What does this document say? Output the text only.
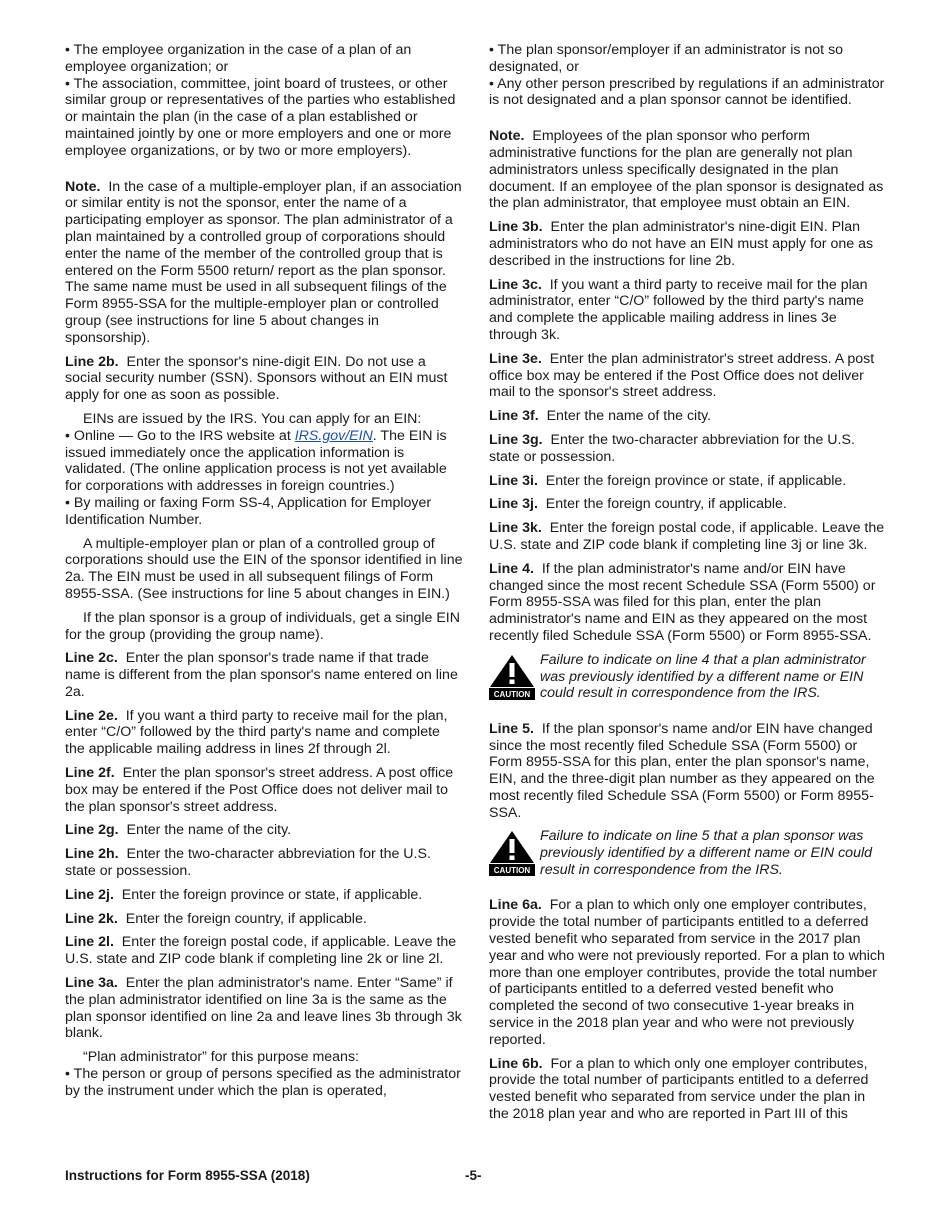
• The employee organization in the case of a plan of an employee organization; or

• The association, committee, joint board of trustees, or other similar group or representatives of the parties who established or maintain the plan (in the case of a plan established or maintained jointly by one or more employers and one or more employee organizations, or by two or more employers).

Note. In the case of a multiple-employer plan, if an association or similar entity is not the sponsor, enter the name of a participating employer as sponsor. The plan administrator of a plan maintained by a controlled group of corporations should enter the name of the member of the controlled group that is entered on the Form 5500 return/ report as the plan sponsor. The same name must be used in all subsequent filings of the Form 8955-SSA for the multiple-employer plan or controlled group (see instructions for line 5 about changes in sponsorship).

Line 2b. Enter the sponsor's nine-digit EIN. Do not use a social security number (SSN). Sponsors without an EIN must apply for one as soon as possible.

EINs are issued by the IRS. You can apply for an EIN:

• Online — Go to the IRS website at IRS.gov/EIN. The EIN is issued immediately once the application information is validated. (The online application process is not yet available for corporations with addresses in foreign countries.)

• By mailing or faxing Form SS-4, Application for Employer Identification Number.

A multiple-employer plan or plan of a controlled group of corporations should use the EIN of the sponsor identified in line 2a. The EIN must be used in all subsequent filings of Form 8955-SSA. (See instructions for line 5 about changes in EIN.)

If the plan sponsor is a group of individuals, get a single EIN for the group (providing the group name).

Line 2c. Enter the plan sponsor's trade name if that trade name is different from the plan sponsor's name entered on line 2a.

Line 2e. If you want a third party to receive mail for the plan, enter “C/O” followed by the third party's name and complete the applicable mailing address in lines 2f through 2l.

Line 2f. Enter the plan sponsor's street address. A post office box may be entered if the Post Office does not deliver mail to the plan sponsor's street address.

Line 2g. Enter the name of the city.

Line 2h. Enter the two-character abbreviation for the U.S. state or possession.

Line 2j. Enter the foreign province or state, if applicable.

Line 2k. Enter the foreign country, if applicable.

Line 2l. Enter the foreign postal code, if applicable. Leave the U.S. state and ZIP code blank if completing line 2k or line 2l.

Line 3a. Enter the plan administrator's name. Enter “Same” if the plan administrator identified on line 3a is the same as the plan sponsor identified on line 2a and leave lines 3b through 3k blank.

“Plan administrator” for this purpose means:

• The person or group of persons specified as the administrator by the instrument under which the plan is operated,

• The plan sponsor/employer if an administrator is not so designated, or

• Any other person prescribed by regulations if an administrator is not designated and a plan sponsor cannot be identified.

Note. Employees of the plan sponsor who perform administrative functions for the plan are generally not plan administrators unless specifically designated in the plan document. If an employee of the plan sponsor is designated as the plan administrator, that employee must obtain an EIN.

Line 3b. Enter the plan administrator's nine-digit EIN. Plan administrators who do not have an EIN must apply for one as described in the instructions for line 2b.

Line 3c. If you want a third party to receive mail for the plan administrator, enter “C/O” followed by the third party's name and complete the applicable mailing address in lines 3e through 3k.

Line 3e. Enter the plan administrator's street address. A post office box may be entered if the Post Office does not deliver mail to the sponsor's street address.

Line 3f. Enter the name of the city.

Line 3g. Enter the two-character abbreviation for the U.S. state or possession.

Line 3i. Enter the foreign province or state, if applicable.

Line 3j. Enter the foreign country, if applicable.

Line 3k. Enter the foreign postal code, if applicable. Leave the U.S. state and ZIP code blank if completing line 3j or line 3k.

Line 4. If the plan administrator's name and/or EIN have changed since the most recent Schedule SSA (Form 5500) or Form 8955-SSA was filed for this plan, enter the plan administrator's name and EIN as they appeared on the most recently filed Schedule SSA (Form 5500) or Form 8955-SSA.

CAUTION
Failure to indicate on line 4 that a plan administrator was previously identified by a different name or EIN could result in correspondence from the IRS.

Line 5. If the plan sponsor's name and/or EIN have changed since the most recently filed Schedule SSA (Form 5500) or Form 8955-SSA for this plan, enter the plan sponsor's name, EIN, and the three-digit plan number as they appeared on the most recently filed Schedule SSA (Form 5500) or Form 8955-SSA.

CAUTION
Failure to indicate on line 5 that a plan sponsor was previously identified by a different name or EIN could result in correspondence from the IRS.

Line 6a. For a plan to which only one employer contributes, provide the total number of participants entitled to a deferred vested benefit who separated from service in the 2017 plan year and who were not previously reported. For a plan to which more than one employer contributes, provide the total number of participants entitled to a deferred vested benefit who completed the second of two consecutive 1-year breaks in service in the 2018 plan year and who were not previously reported.

Line 6b. For a plan to which only one employer contributes, provide the total number of participants entitled to a deferred vested benefit who separated from service under the plan in the 2018 plan year and who are reported in Part III of this

Instructions for Form 8955-SSA (2018)	-5-
